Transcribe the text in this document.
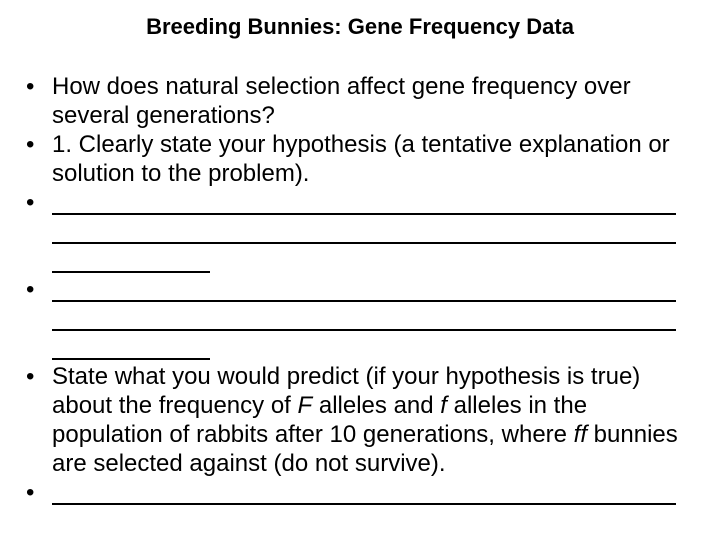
Breeding Bunnies: Gene Frequency Data
• How does natural selection affect gene frequency over several generations?
• 1. Clearly state your hypothesis (a tentative explanation or solution to the problem).
•
•
• State what you would predict (if your hypothesis is true) about the frequency of F alleles and f alleles in the population of rabbits after 10 generations, where ff bunnies are selected against (do not survive).
•
